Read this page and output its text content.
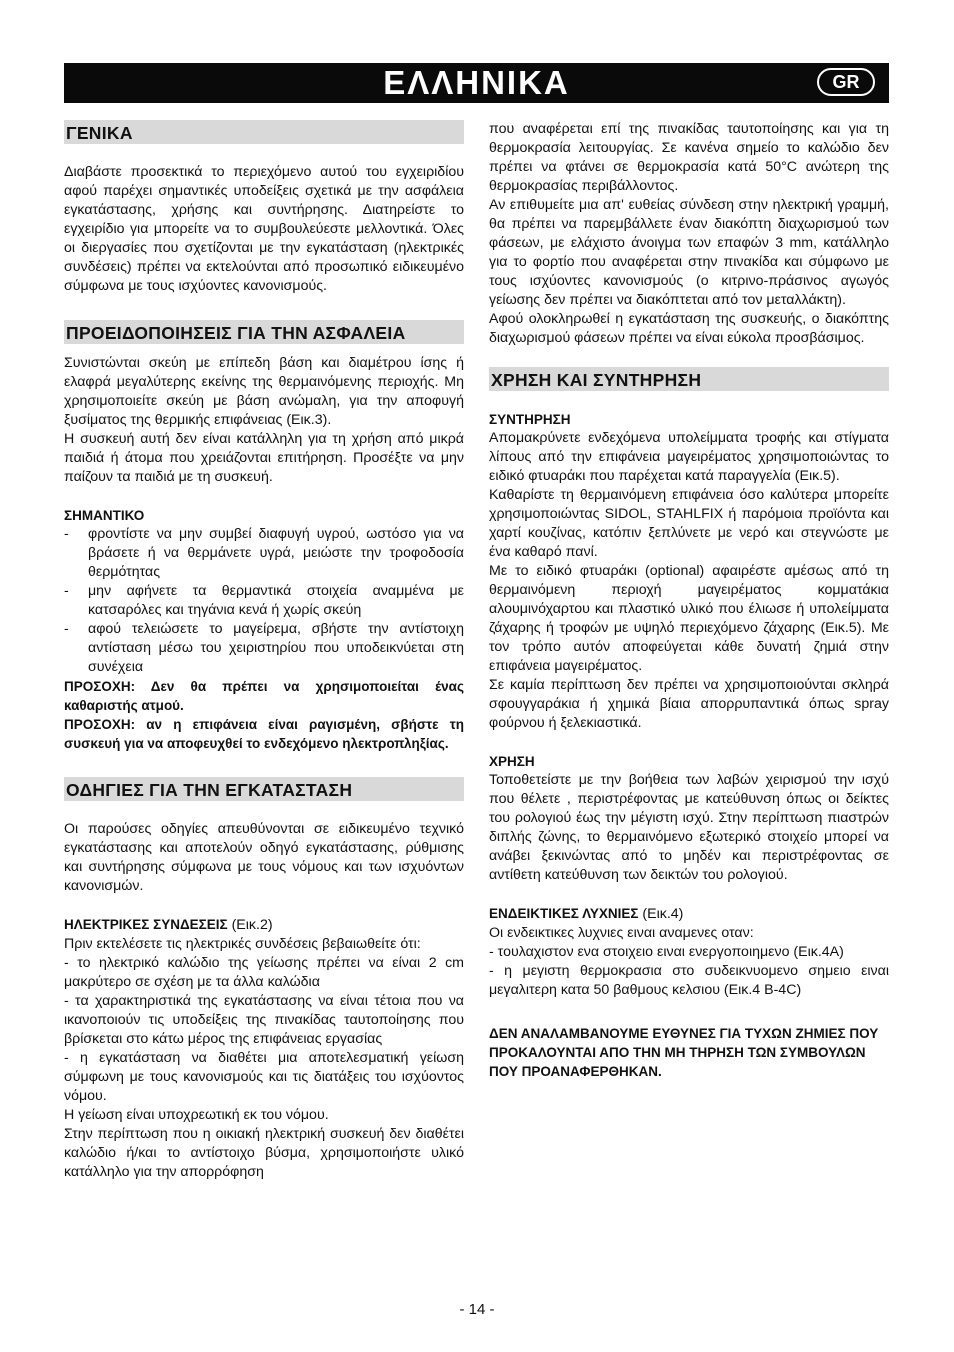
ΕΛΛΗΝΙΚΑ	GR
ΓΕΝΙΚΑ

Διαβάστε προσεκτικά το περιεχόμενο αυτού του εγχειριδίου αφού παρέχει σημαντικές υποδείξεις σχετικά με την ασφάλεια εγκατάστασης, χρήσης και συντήρησης. Διατηρείστε το εγχειρίδιο για μπορείτε να το συμβουλεύεστε μελλοντικά. Όλες οι διεργασίες που σχετίζονται με την εγκατάσταση (ηλεκτρικές συνδέσεις) πρέπει να εκτελούνται από προσωπικό ειδικευμένο σύμφωνα με τους ισχύοντες κανονισμούς.

ΠΡΟΕΙΔΟΠΟΙΗΣΕΙΣ ΓΙΑ ΤΗΝ ΑΣΦΑΛΕΙΑ

Συνιστώνται σκεύη με επίπεδη βάση και διαμέτρου ίσης ή ελαφρά μεγαλύτερης εκείνης της θερμαινόμενης περιοχής. Μη χρησιμοποιείτε σκεύη με βάση ανώμαλη, για την αποφυγή ξυσίματος της θερμικής επιφάνειας (Εικ.3).

Η συσκευή αυτή δεν είναι κατάλληλη για τη χρήση από μικρά παιδιά ή άτομα που χρειάζονται επιτήρηση. Προσέξτε να μην παίζουν τα παιδιά με τη συσκευή.

ΣΗΜΑΝΤΙΚΟ

- φροντίστε να μην συμβεί διαφυγή υγρού, ωστόσο για να βράσετε ή να θερμάνετε υγρά, μειώστε την τροφοδοσία θερμότητας
- μην αφήνετε τα θερμαντικά στοιχεία αναμμένα με κατσαρόλες και τηγάνια κενά ή χωρίς σκεύη
- αφού τελειώσετε το μαγείρεμα, σβήστε την αντίστοιχη αντίσταση μέσω του χειριστηρίου που υποδεικνύεται στη συνέχεια

ΠΡΟΣΟΧΗ: Δεν θα πρέπει να χρησιμοποιείται ένας καθαριστής ατμού.

ΠΡΟΣΟΧΗ: αν η επιφάνεια είναι ραγισμένη, σβήστε τη συσκευή για να αποφευχθεί το ενδεχόμενο ηλεκτροπληξίας.

ΟΔΗΓΙΕΣ ΓΙΑ ΤΗΝ ΕΓΚΑΤΑΣΤΑΣΗ

Οι παρούσες οδηγίες απευθύνονται σε ειδικευμένο τεχνικό εγκατάστασης και αποτελούν οδηγό εγκατάστασης, ρύθμισης και συντήρησης σύμφωνα με τους νόμους και των ισχυόντων κανονισμών.

ΗΛΕΚΤΡΙΚΕΣ ΣΥΝΔΕΣΕΙΣ (Εικ.2)

Πριν εκτελέσετε τις ηλεκτρικές συνδέσεις βεβαιωθείτε ότι:

- το ηλεκτρικό καλώδιο της γείωσης πρέπει να είναι 2 cm μακρύτερο σε σχέση με τα άλλα καλώδια

- τα χαρακτηριστικά της εγκατάστασης να είναι τέτοια που να ικανοποιούν τις υποδείξεις της πινακίδας ταυτοποίησης που βρίσκεται στο κάτω μέρος της επιφάνειας εργασίας

- η εγκατάσταση να διαθέτει μια αποτελεσματική γείωση σύμφωνη με τους κανονισμούς και τις διατάξεις του ισχύοντος νόμου.

Η γείωση είναι υποχρεωτική εκ του νόμου.

Στην περίπτωση που η οικιακή ηλεκτρική συσκευή δεν διαθέτει καλώδιο ή/και το αντίστοιχο βύσμα, χρησιμοποιήστε υλικό κατάλληλο για την απορρόφηση

που αναφέρεται επί της πινακίδας ταυτοποίησης και για τη θερμοκρασία λειτουργίας. Σε κανένα σημείο το καλώδιο δεν πρέπει να φτάνει σε θερμοκρασία κατά 50°C ανώτερη της θερμοκρασίας περιβάλλοντος.

Αν επιθυμείτε μια απ' ευθείας σύνδεση στην ηλεκτρική γραμμή, θα πρέπει να παρεμβάλλετε έναν διακόπτη διαχωρισμού των φάσεων, με ελάχιστο άνοιγμα των επαφών 3 mm, κατάλληλο για το φορτίο που αναφέρεται στην πινακίδα και σύμφωνο με τους ισχύοντες κανονισμούς (ο κιτρινο-πράσινος αγωγός γείωσης δεν πρέπει να διακόπτεται από τον μεταλλάκτη).

Αφού ολοκληρωθεί η εγκατάσταση της συσκευής, ο διακόπτης διαχωρισμού φάσεων πρέπει να είναι εύκολα προσβάσιμος.

ΧΡΗΣΗ ΚΑΙ ΣΥΝΤΗΡΗΣΗ

ΣΥΝΤΗΡΗΣΗ

Απομακρύνετε ενδεχόμενα υπολείμματα τροφής και στίγματα λίπους από την επιφάνεια μαγειρέματος χρησιμοποιώντας το ειδικό φτυαράκι που παρέχεται κατά παραγγελία (Εικ.5).

Καθαρίστε τη θερμαινόμενη επιφάνεια όσο καλύτερα μπορείτε χρησιμοποιώντας SIDOL, STAHLFIX ή παρόμοια προϊόντα και χαρτί κουζίνας, κατόπιν ξεπλύνετε με νερό και στεγνώστε με ένα καθαρό πανί.

Με το ειδικό φτυαράκι (optional) αφαιρέστε αμέσως από τη θερμαινόμενη περιοχή μαγειρέματος κομματάκια αλουμινόχαρτου και πλαστικό υλικό που έλιωσε ή υπολείμματα ζάχαρης ή τροφών με υψηλό περιεχόμενο ζάχαρης (Εικ.5). Με τον τρόπο αυτόν αποφεύγεται κάθε δυνατή ζημιά στην επιφάνεια μαγειρέματος.

Σε καμία περίπτωση δεν πρέπει να χρησιμοποιούνται σκληρά σφουγγαράκια ή χημικά βίαια απορρυπαντικά όπως spray φούρνου ή ξελεκιαστικά.

ΧΡΗΣΗ

Τοποθετείστε με την βοήθεια των λαβών χειρισμού την ισχύ που θέλετε , περιστρέφοντας με κατεύθυνση όπως οι δείκτες του ρολογιού έως την μέγιστη ισχύ. Στην περίπτωση πιαστρών διπλής ζώνης, το θερμαινόμενο εξωτερικό στοιχείο μπορεί να ανάβει ξεκινώντας από το μηδέν και περιστρέφοντας σε αντίθετη κατεύθυνση των δεικτών του ρολογιού.

ΕΝΔΕΙΚΤΙΚΕΣ ΛΥΧΝΙΕΣ (Εικ.4)

Οι ενδεικτικες λυχνιες ειναι αναμενες οταν:

- τουλαχιστον ενα στοιχειο ειναι ενεργοποιημενο (Εικ.4A)

- η μεγιστη θερμοκρασια στο συδεικνυομενο σημειο ειναι μεγαλιτερη κατα 50 βαθμους κελσιου (Εικ.4 B-4C)

ΔΕΝ ΑΝΑΛΑΜΒΑΝΟΥΜΕ ΕΥΘΥΝΕΣ ΓΙΑ ΤΥΧΩΝ ΖΗΜΙΕΣ ΠΟΥ ΠΡΟΚΑΛΟΥΝΤΑΙ ΑΠΟ ΤΗΝ ΜΗ ΤΗΡΗΣΗ ΤΩΝ ΣΥΜΒΟΥΛΩΝ ΠΟΥ ΠΡΟΑΝΑΦΕΡΘΗΚΑΝ.

- 14 -
